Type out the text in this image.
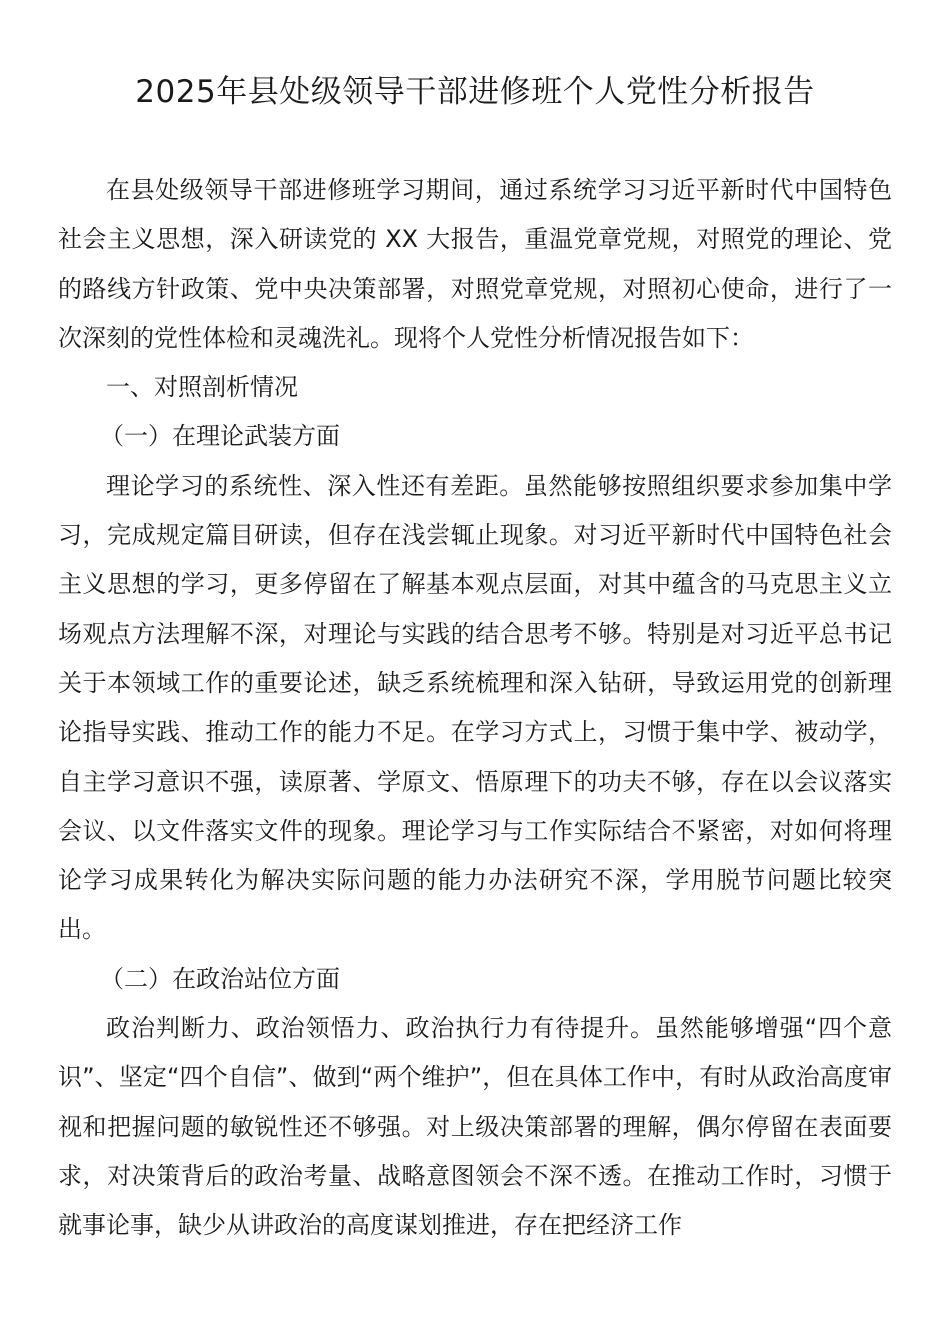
2025年县处级领导干部进修班个人党性分析报告

在县处级领导干部进修班学习期间，通过系统学习习近平新时代中国特色社会主义思想，深入研读党的 XX 大报告，重温党章党规，对照党的理论、党的路线方针政策、党中央决策部署，对照党章党规，对照初心使命，进行了一次深刻的党性体检和灵魂洗礼。现将个人党性分析情况报告如下：

一、对照剖析情况

（一）在理论武装方面

理论学习的系统性、深入性还有差距。虽然能够按照组织要求参加集中学习，完成规定篇目研读，但存在浅尝辄止现象。对习近平新时代中国特色社会主义思想的学习，更多停留在了解基本观点层面，对其中蕴含的马克思主义立场观点方法理解不深，对理论与实践的结合思考不够。特别是对习近平总书记关于本领域工作的重要论述，缺乏系统梳理和深入钻研，导致运用党的创新理论指导实践、推动工作的能力不足。在学习方式上，习惯于集中学、被动学，自主学习意识不强，读原著、学原文、悟原理下的功夫不够，存在以会议落实会议、以文件落实文件的现象。理论学习与工作实际结合不紧密，对如何将理论学习成果转化为解决实际问题的能力办法研究不深，学用脱节问题比较突出。

（二）在政治站位方面

政治判断力、政治领悟力、政治执行力有待提升。虽然能够增强“四个意识”、坚定“四个自信”、做到“两个维护”，但在具体工作中，有时从政治高度审视和把握问题的敏锐性还不够强。对上级决策部署的理解，偶尔停留在表面要求，对决策背后的政治考量、战略意图领会不深不透。在推动工作时，习惯于就事论事，缺少从讲政治的高度谋划推进，存在把经济工作
